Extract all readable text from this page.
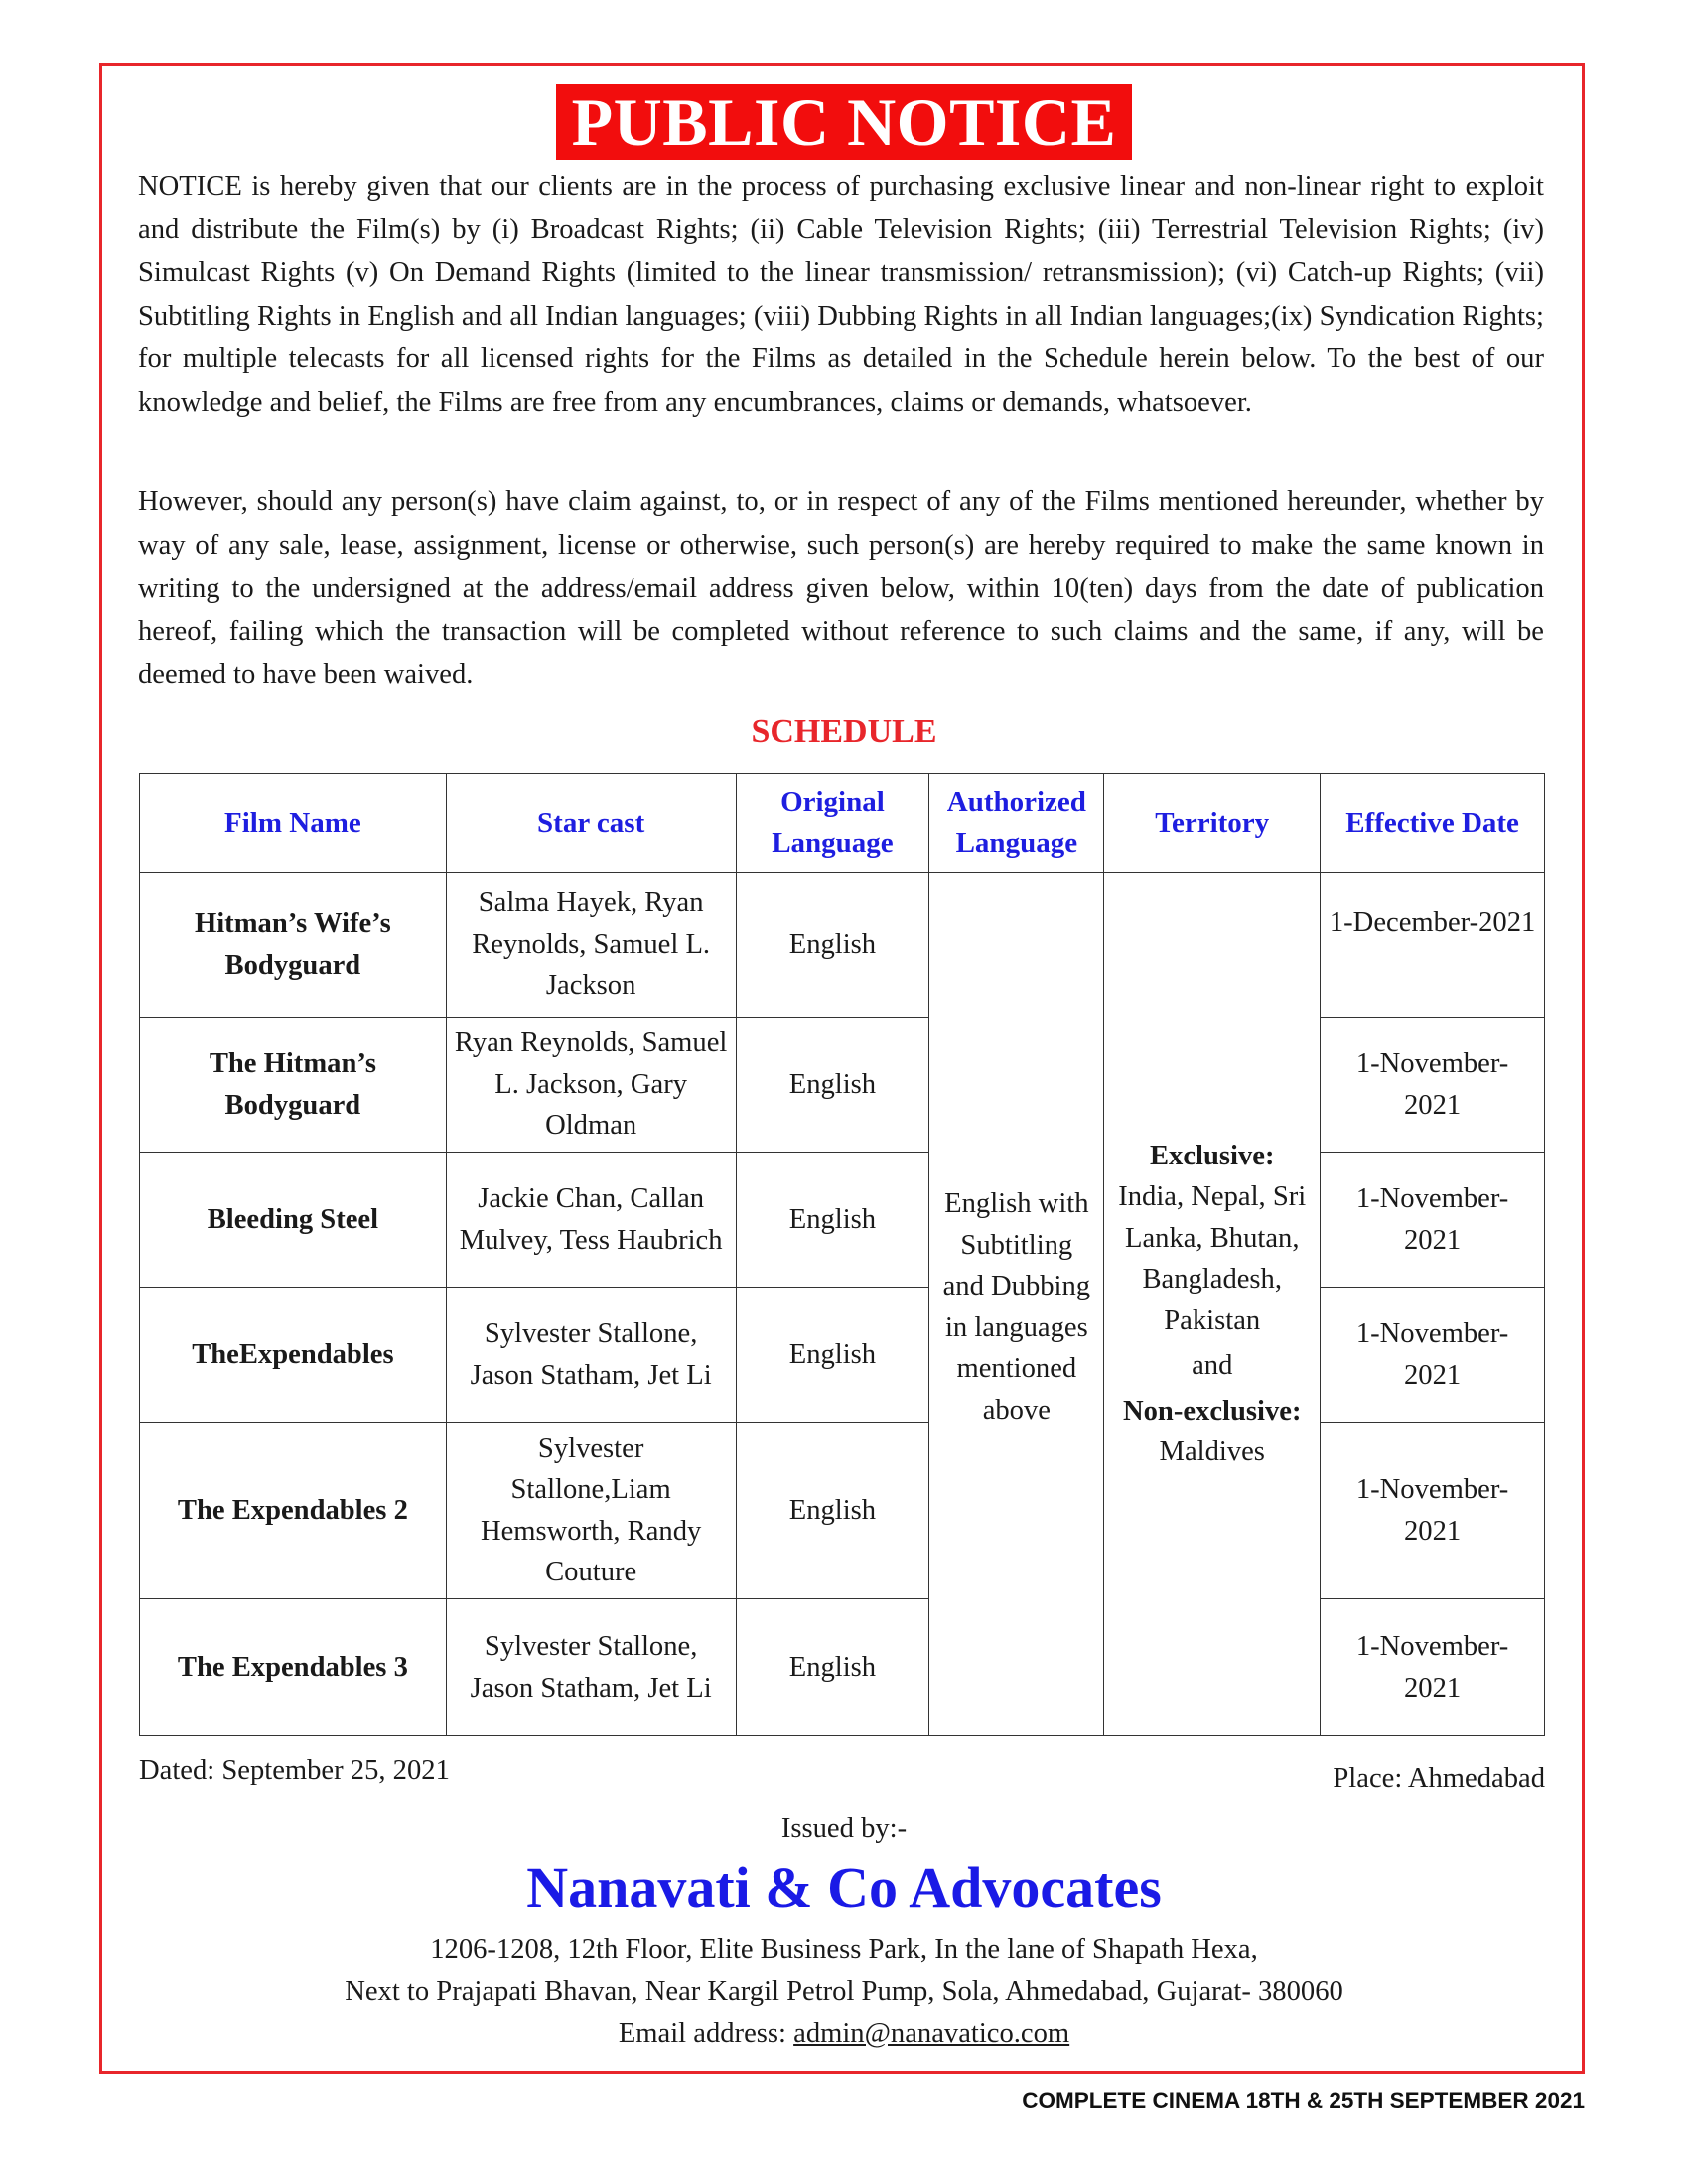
PUBLIC NOTICE

NOTICE is hereby given that our clients are in the process of purchasing exclusive linear and non-linear right to exploit and distribute the Film(s) by (i) Broadcast Rights; (ii) Cable Television Rights; (iii) Terrestrial Television Rights; (iv) Simulcast Rights (v) On Demand Rights (limited to the linear transmission/ retransmission); (vi) Catch-up Rights; (vii) Subtitling Rights in English and all Indian languages; (viii) Dubbing Rights in all Indian languages;(ix) Syndication Rights; for multiple telecasts for all licensed rights for the Films as detailed in the Schedule herein below. To the best of our knowledge and belief, the Films are free from any encumbrances, claims or demands, whatsoever.

However, should any person(s) have claim against, to, or in respect of any of the Films mentioned hereunder, whether by way of any sale, lease, assignment, license or otherwise, such person(s) are hereby required to make the same known in writing to the undersigned at the address/email address given below, within 10(ten) days from the date of publication hereof, failing which the transaction will be completed without reference to such claims and the same, if any, will be deemed to have been waived.

SCHEDULE
Film Name	Star cast	Original Language	Authorized Language	Territory	Effective Date
Hitman’s Wife’s Bodyguard	Salma Hayek, Ryan Reynolds, Samuel L. Jackson	English	English with Subtitling and Dubbing in languages mentioned above	Exclusive:
India, Nepal, Sri Lanka, Bhutan, Bangladesh, Pakistan
and
Non-exclusive:
Maldives	1-December-2021
The Hitman’s Bodyguard	Ryan Reynolds, Samuel L. Jackson, Gary Oldman	English			1-November-2021
Bleeding Steel	Jackie Chan, Callan Mulvey, Tess Haubrich	English			1-November-2021
TheExpendables	Sylvester Stallone, Jason Statham, Jet Li	English			1-November-2021
The Expendables 2	Sylvester Stallone,Liam Hemsworth, Randy Couture	English			1-November-2021
The Expendables 3	Sylvester Stallone, Jason Statham, Jet Li	English			1-November-2021
Dated: September 25, 2021	Place: Ahmedabad
Issued by:-
Nanavati & Co Advocates
1206-1208, 12th Floor, Elite Business Park, In the lane of Shapath Hexa,
Next to Prajapati Bhavan, Near Kargil Petrol Pump, Sola, Ahmedabad, Gujarat- 380060
Email address: admin@nanavatico.com
COMPLETE CINEMA 18TH & 25TH SEPTEMBER 2021
